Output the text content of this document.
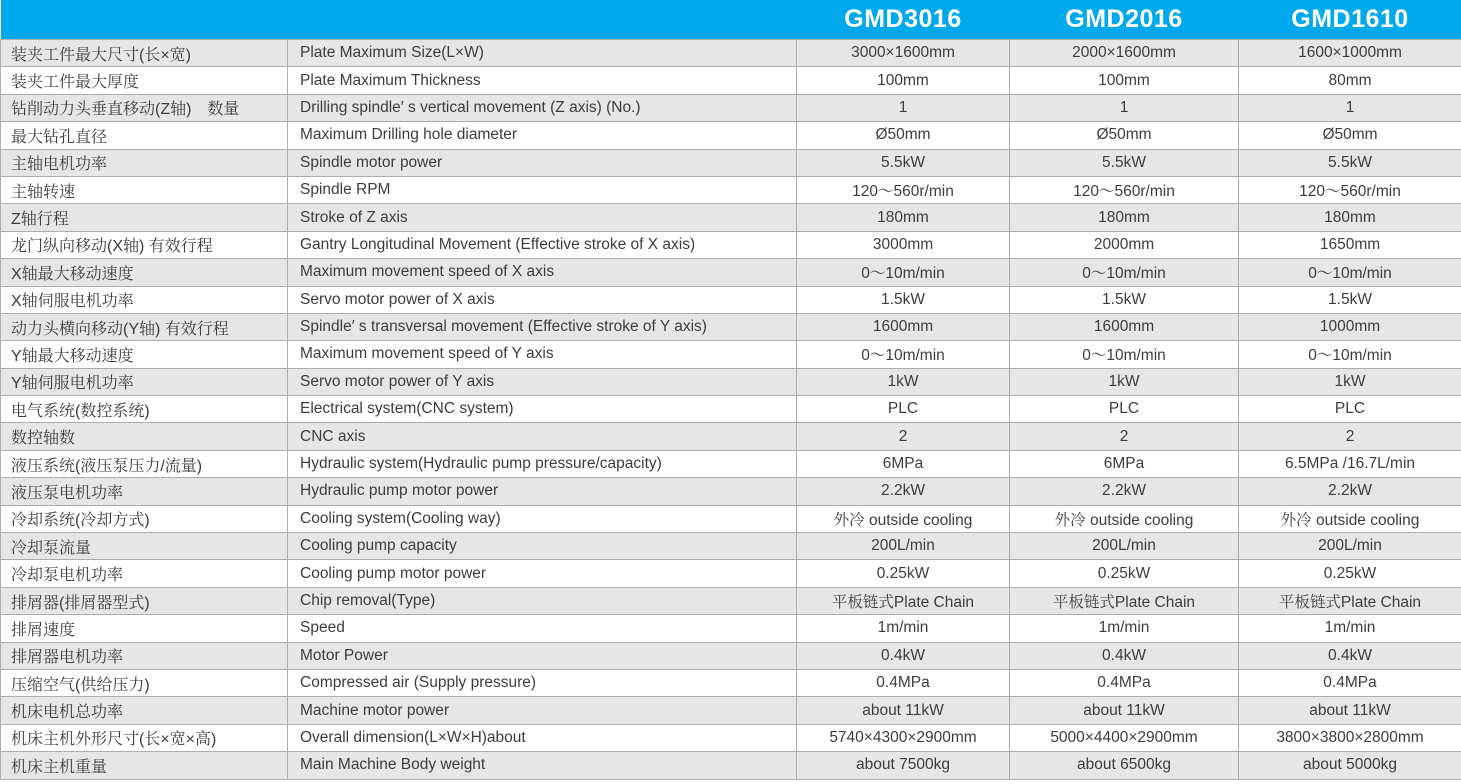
		GMD3016	GMD2016	GMD1610
装夹工件最大尺寸(长×宽)	Plate Maximum Size(L×W)	3000×1600mm	2000×1600mm	1600×1000mm
装夹工件最大厚度	Plate Maximum Thickness	100mm	100mm	80mm
钻削动力头垂直移动(Z轴)　数量	Drilling spindle′ s vertical movement (Z axis) (No.)	1	1	1
最大钻孔直径	Maximum Drilling hole diameter	Ø50mm	Ø50mm	Ø50mm
主轴电机功率	Spindle motor power	5.5kW	5.5kW	5.5kW
主轴转速	Spindle RPM	120～560r/min	120～560r/min	120～560r/min
Z轴行程	Stroke of Z axis	180mm	180mm	180mm
龙门纵向移动(X轴) 有效行程	Gantry Longitudinal Movement (Effective stroke of X axis)	3000mm	2000mm	1650mm
X轴最大移动速度	Maximum movement speed of X axis	0～10m/min	0～10m/min	0～10m/min
X轴伺服电机功率	Servo motor power of X axis	1.5kW	1.5kW	1.5kW
动力头横向移动(Y轴) 有效行程	Spindle′ s transversal movement (Effective stroke of Y axis)	1600mm	1600mm	1000mm
Y轴最大移动速度	Maximum movement speed of Y axis	0～10m/min	0～10m/min	0～10m/min
Y轴伺服电机功率	Servo motor power of Y axis	1kW	1kW	1kW
电气系统(数控系统)	Electrical system(CNC system)	PLC	PLC	PLC
数控轴数	CNC axis	2	2	2
液压系统(液压泵压力/流量)	Hydraulic system(Hydraulic pump pressure/capacity)	6MPa	6MPa	6.5MPa /16.7L/min
液压泵电机功率	Hydraulic pump motor power	2.2kW	2.2kW	2.2kW
冷却系统(冷却方式)	Cooling system(Cooling way)	外冷 outside cooling	外冷 outside cooling	外冷 outside cooling
冷却泵流量	Cooling pump capacity	200L/min	200L/min	200L/min
冷却泵电机功率	Cooling pump motor power	0.25kW	0.25kW	0.25kW
排屑器(排屑器型式)	Chip removal(Type)	平板链式Plate Chain	平板链式Plate Chain	平板链式Plate Chain
排屑速度	Speed	1m/min	1m/min	1m/min
排屑器电机功率	Motor Power	0.4kW	0.4kW	0.4kW
压缩空气(供给压力)	Compressed air (Supply pressure)	0.4MPa	0.4MPa	0.4MPa
机床电机总功率	Machine motor power	about 11kW	about 11kW	about 11kW
机床主机外形尺寸(长×宽×高)	Overall dimension(L×W×H)about	5740×4300×2900mm	5000×4400×2900mm	3800×3800×2800mm
机床主机重量	Main Machine Body weight	about 7500kg	about 6500kg	about 5000kg
